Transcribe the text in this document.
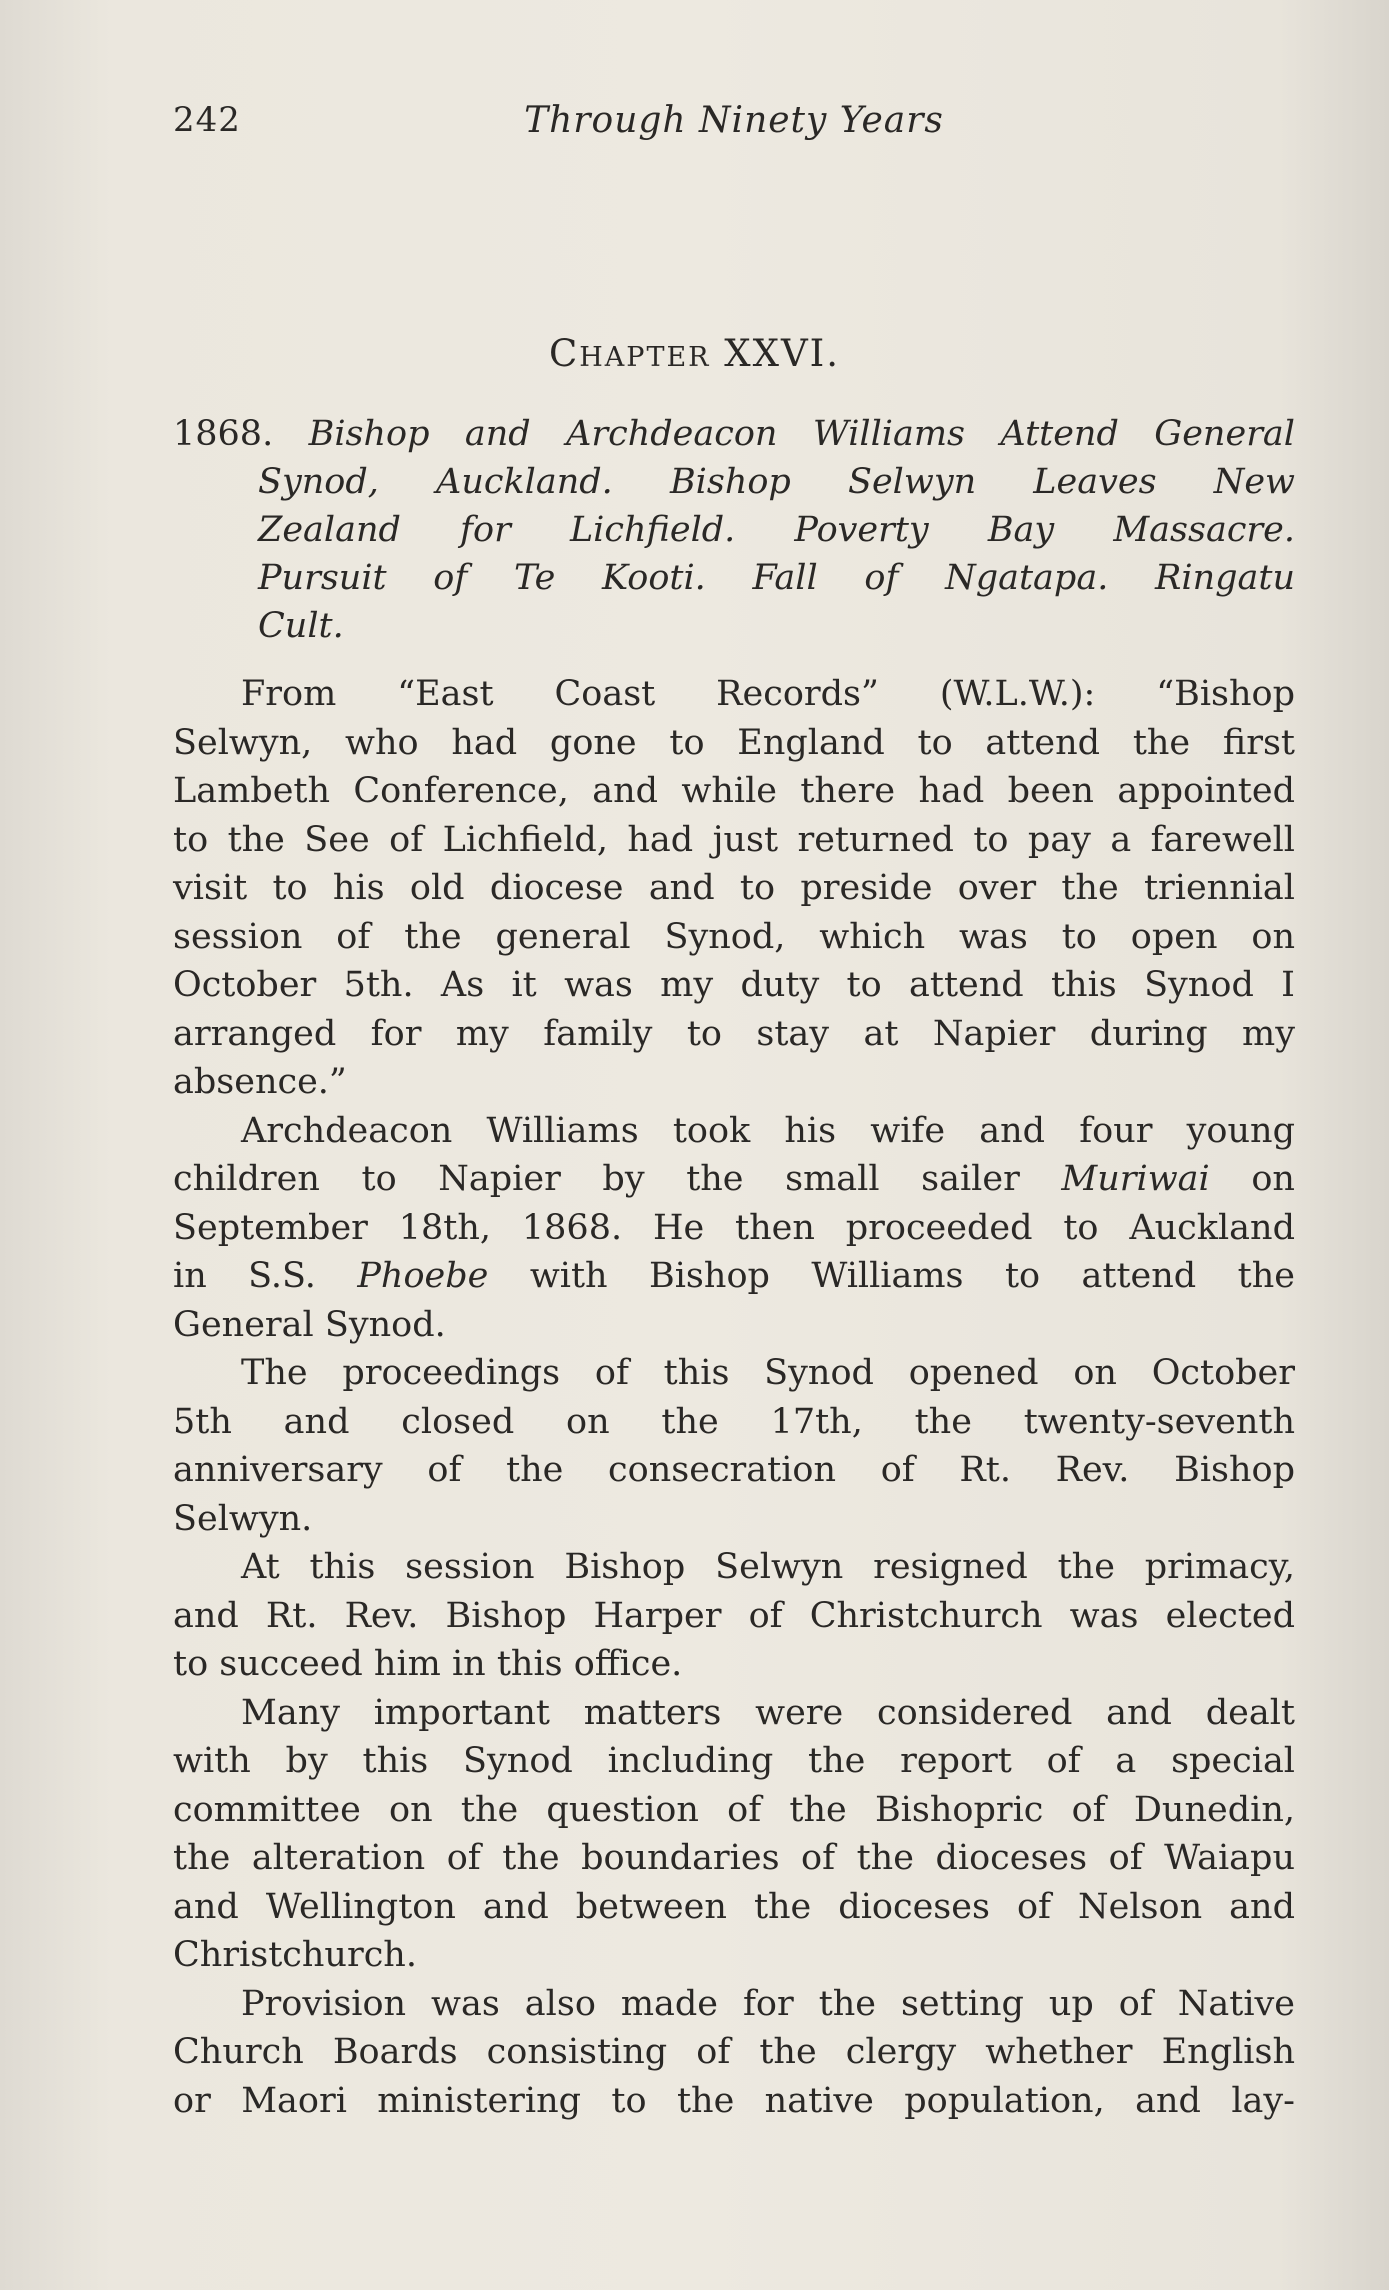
242	Through Ninety Years
CHAPTER XXVI.
1868. Bishop and Archdeacon Williams Attend General
Synod, Auckland. Bishop Selwyn Leaves New
Zealand for Lichfield. Poverty Bay Massacre.
Pursuit of Te Kooti. Fall of Ngatapa. Ringatu
Cult.
From “East Coast Records” (W.L.W.): “Bishop
Selwyn, who had gone to England to attend the first
Lambeth Conference, and while there had been appointed
to the See of Lichfield, had just returned to pay a farewell
visit to his old diocese and to preside over the triennial
session of the general Synod, which was to open on
October 5th. As it was my duty to attend this Synod I
arranged for my family to stay at Napier during my
absence.”
Archdeacon Williams took his wife and four young
children to Napier by the small sailer Muriwai on
September 18th, 1868. He then proceeded to Auckland
in S.S. Phoebe with Bishop Williams to attend the
General Synod.
The proceedings of this Synod opened on October
5th and closed on the 17th, the twenty-seventh
anniversary of the consecration of Rt. Rev. Bishop
Selwyn.
At this session Bishop Selwyn resigned the primacy,
and Rt. Rev. Bishop Harper of Christchurch was elected
to succeed him in this office.
Many important matters were considered and dealt
with by this Synod including the report of a special
committee on the question of the Bishopric of Dunedin,
the alteration of the boundaries of the dioceses of Waiapu
and Wellington and between the dioceses of Nelson and
Christchurch.
Provision was also made for the setting up of Native
Church Boards consisting of the clergy whether English
or Maori ministering to the native population, and lay-
